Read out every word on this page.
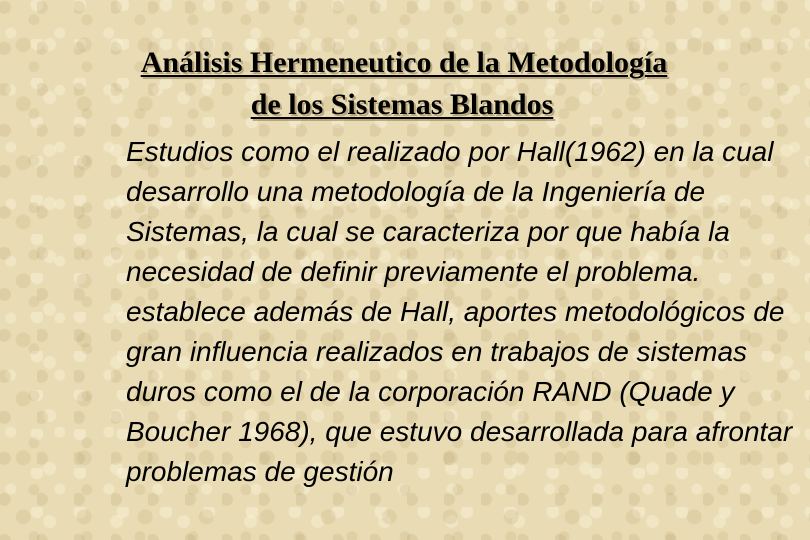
Análisis Hermeneutico de la Metodología
de los Sistemas Blandos

Estudios como el realizado por Hall(1962) en la cual desarrollo una metodología de la Ingeniería de Sistemas, la cual se caracteriza por que había la necesidad de definir previamente el problema. establece además de Hall, aportes metodológicos de gran influencia realizados en trabajos de sistemas duros como el de la corporación RAND (Quade y Boucher 1968), que estuvo desarrollada para afrontar problemas de gestión
